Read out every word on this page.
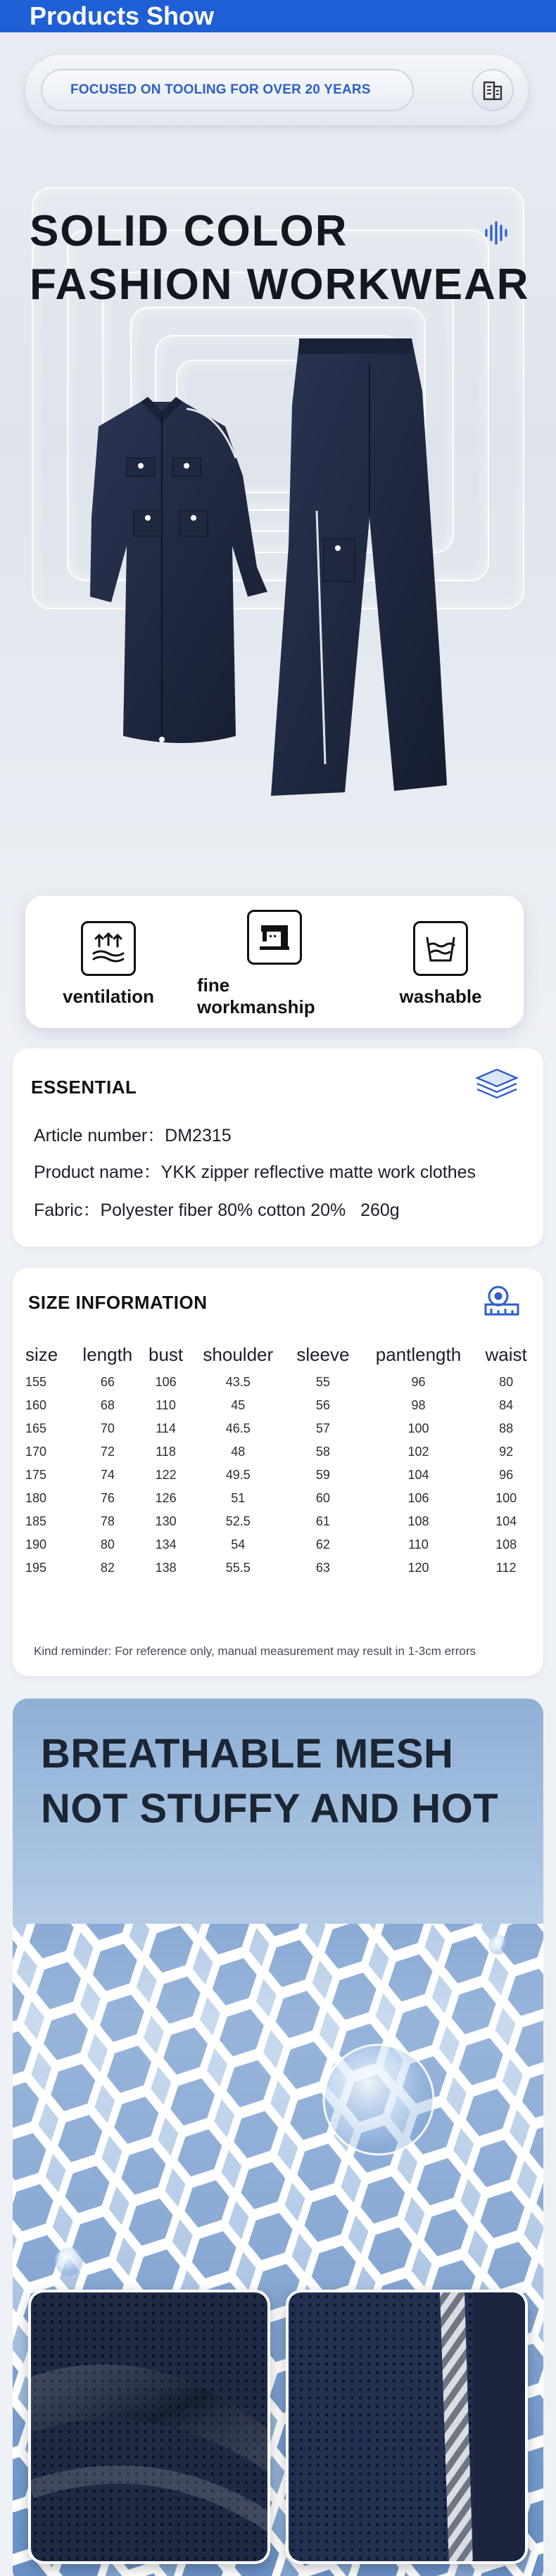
Products Show
FOCUSED ON TOOLING FOR OVER 20 YEARS
SOLID COLOR
FASHION WORKWEAR
ventilation
fine workmanship
washable
ESSENTIAL
Article number：DM2315
Product name：YKK zipper reflective matte work clothes
Fabric：Polyester fiber 80% cotton 20%   260g
SIZE INFORMATION
size	length	bust	shoulder	sleeve	pantlength	waist
155	66	106	43.5	55	96	80
160	68	110	45	56	98	84
165	70	114	46.5	57	100	88
170	72	118	48	58	102	92
175	74	122	49.5	59	104	96
180	76	126	51	60	106	100
185	78	130	52.5	61	108	104
190	80	134	54	62	110	108
195	82	138	55.5	63	120	112
Kind reminder: For reference only, manual measurement may result in 1-3cm errors
BREATHABLE MESH
NOT STUFFY AND HOT
